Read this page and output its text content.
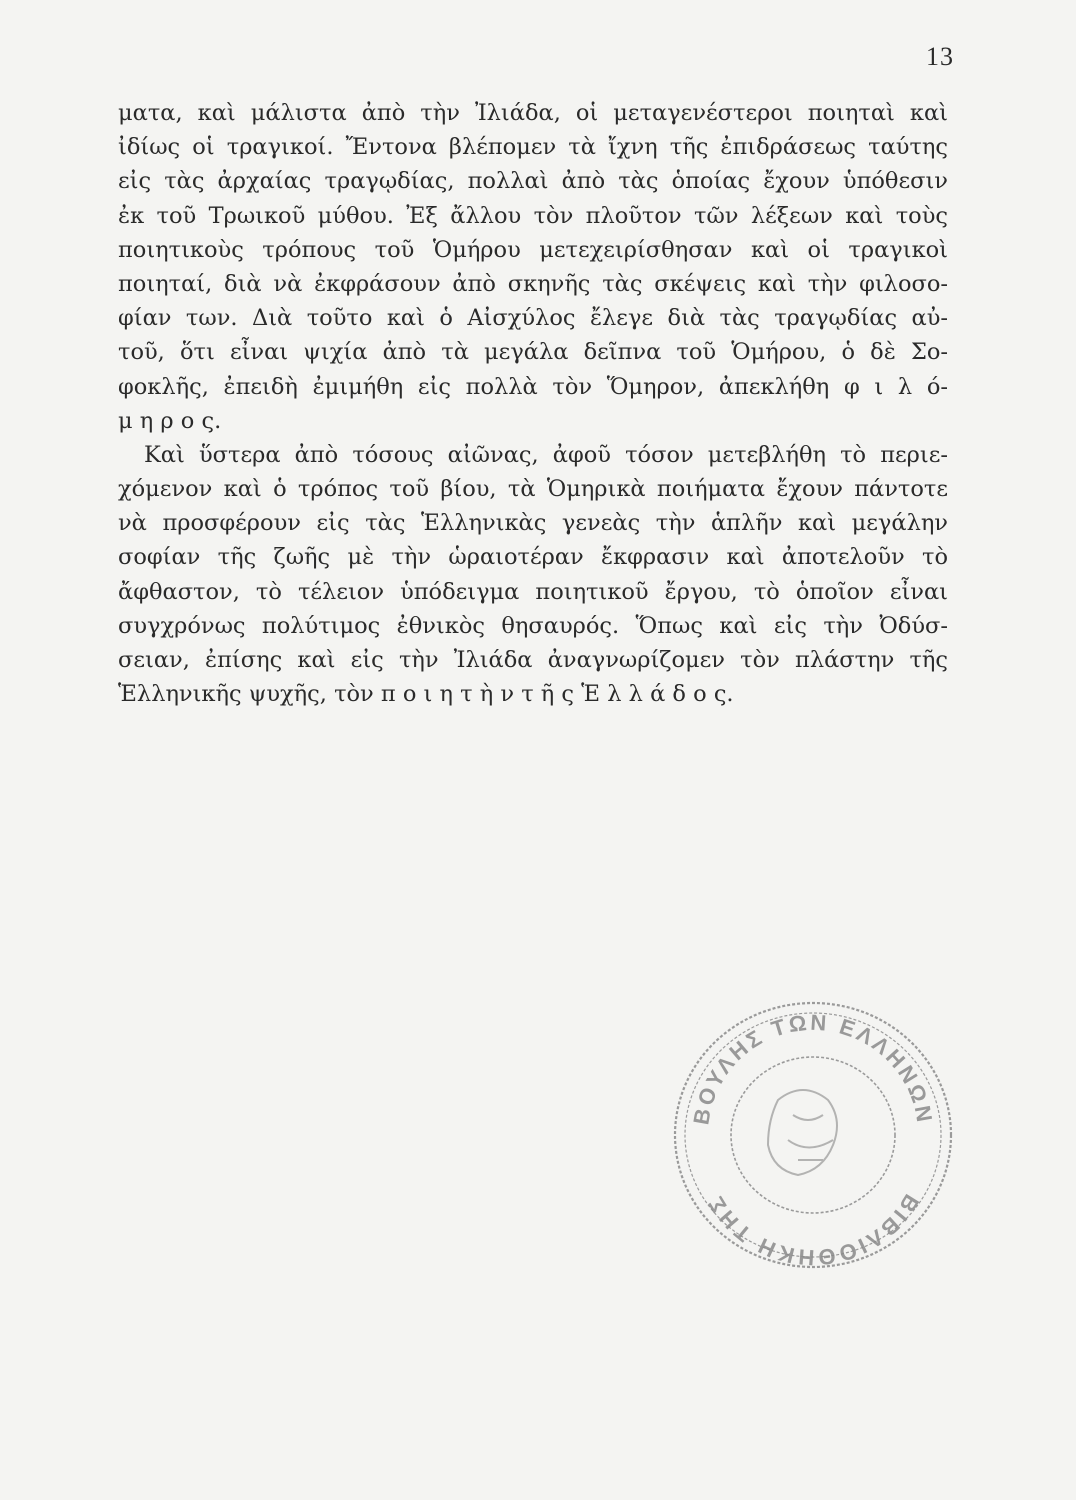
13
ματα, καὶ μάλιστα ἀπὸ τὴν Ἰλιάδα, οἱ μεταγενέστεροι ποιηταὶ καὶ
ἰδίως οἱ τραγικοί. Ἔντονα βλέπομεν τὰ ἴχνη τῆς ἐπιδράσεως ταύτης
εἰς τὰς ἀρχαίας τραγῳδίας, πολλαὶ ἀπὸ τὰς ὁποίας ἔχουν ὑπόθεσιν
ἐκ τοῦ Τρωικοῦ μύθου. Ἐξ ἄλλου τὸν πλοῦτον τῶν λέξεων καὶ τοὺς
ποιητικοὺς τρόπους τοῦ Ὁμήρου μετεχειρίσθησαν καὶ οἱ τραγικοὶ
ποιηταί, διὰ νὰ ἐκφράσουν ἀπὸ σκηνῆς τὰς σκέψεις καὶ τὴν φιλοσο-
φίαν των. Διὰ τοῦτο καὶ ὁ Αἰσχύλος ἔλεγε διὰ τὰς τραγῳδίας αὐ-
τοῦ, ὅτι εἶναι ψιχία ἀπὸ τὰ μεγάλα δεῖπνα τοῦ Ὁμήρου, ὁ δὲ Σο-
φοκλῆς, ἐπειδὴ ἐμιμήθη εἰς πολλὰ τὸν Ὅμηρον, ἀπεκλήθη φ ι λ ό-
μ η ρ ο ς.
Καὶ ὕστερα ἀπὸ τόσους αἰῶνας, ἀφοῦ τόσον μετεβλήθη τὸ περιε-
χόμενον καὶ ὁ τρόπος τοῦ βίου, τὰ Ὁμηρικὰ ποιήματα ἔχουν πάντοτε
νὰ προσφέρουν εἰς τὰς Ἑλληνικὰς γενεὰς τὴν ἁπλῆν καὶ μεγάλην
σοφίαν τῆς ζωῆς μὲ τὴν ὡραιοτέραν ἔκφρασιν καὶ ἀποτελοῦν τὸ
ἄφθαστον, τὸ τέλειον ὑπόδειγμα ποιητικοῦ ἔργου, τὸ ὁποῖον εἶναι
συγχρόνως πολύτιμος ἐθνικὸς θησαυρός. Ὅπως καὶ εἰς τὴν Ὀδύσ-
σειαν, ἐπίσης καὶ εἰς τὴν Ἰλιάδα ἀναγνωρίζομεν τὸν πλάστην τῆς
Ἑλληνικῆς ψυχῆς, τὸν π ο ι η τ ὴ ν τ ῆ ς Ἑ λ λ ά δ ο ς.
ΒΟΥΛΗΣ ΤΩΝ ΕΛΛΗΝΩΝ
ΒΙΒΛΙΟΘΗΚΗ ΤΗΣ
